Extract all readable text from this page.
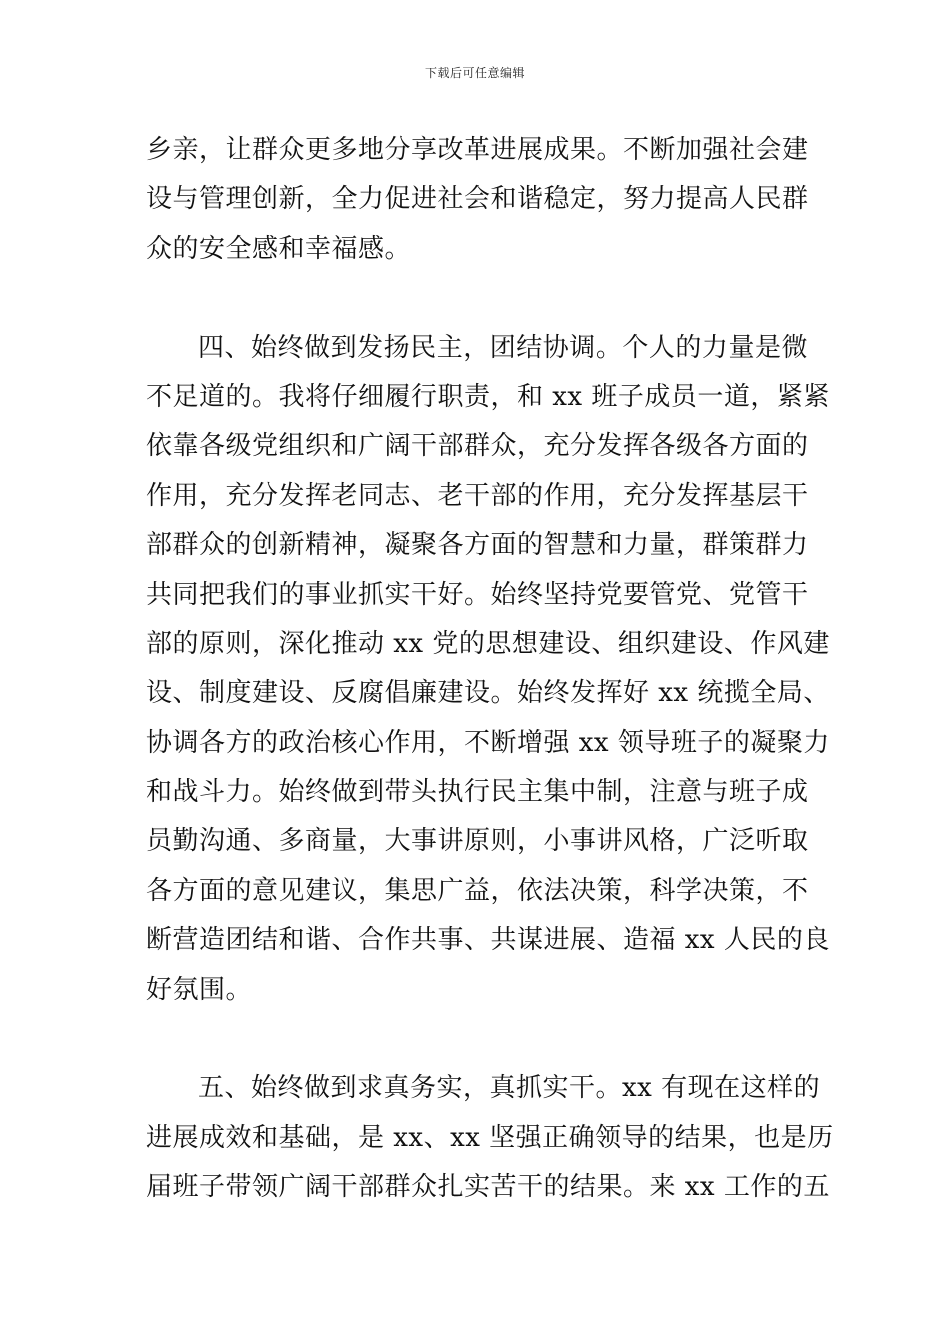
下载后可任意编辑
乡亲，让群众更多地分享改革进展成果。不断加强社会建
设与管理创新，全力促进社会和谐稳定，努力提高人民群
众的安全感和幸福感。
四、始终做到发扬民主，团结协调。个人的力量是微
不足道的。我将仔细履行职责，和 xx 班子成员一道，紧紧
依靠各级党组织和广阔干部群众，充分发挥各级各方面的
作用，充分发挥老同志、老干部的作用，充分发挥基层干
部群众的创新精神，凝聚各方面的智慧和力量，群策群力
共同把我们的事业抓实干好。始终坚持党要管党、党管干
部的原则，深化推动 xx 党的思想建设、组织建设、作风建
设、制度建设、反腐倡廉建设。始终发挥好 xx 统揽全局、
协调各方的政治核心作用，不断增强 xx 领导班子的凝聚力
和战斗力。始终做到带头执行民主集中制，注意与班子成
员勤沟通、多商量，大事讲原则，小事讲风格，广泛听取
各方面的意见建议，集思广益，依法决策，科学决策，不
断营造团结和谐、合作共事、共谋进展、造福 xx 人民的良
好氛围。
五、始终做到求真务实，真抓实干。xx 有现在这样的
进展成效和基础，是 xx、xx 坚强正确领导的结果，也是历
届班子带领广阔干部群众扎实苦干的结果。来 xx 工作的五
